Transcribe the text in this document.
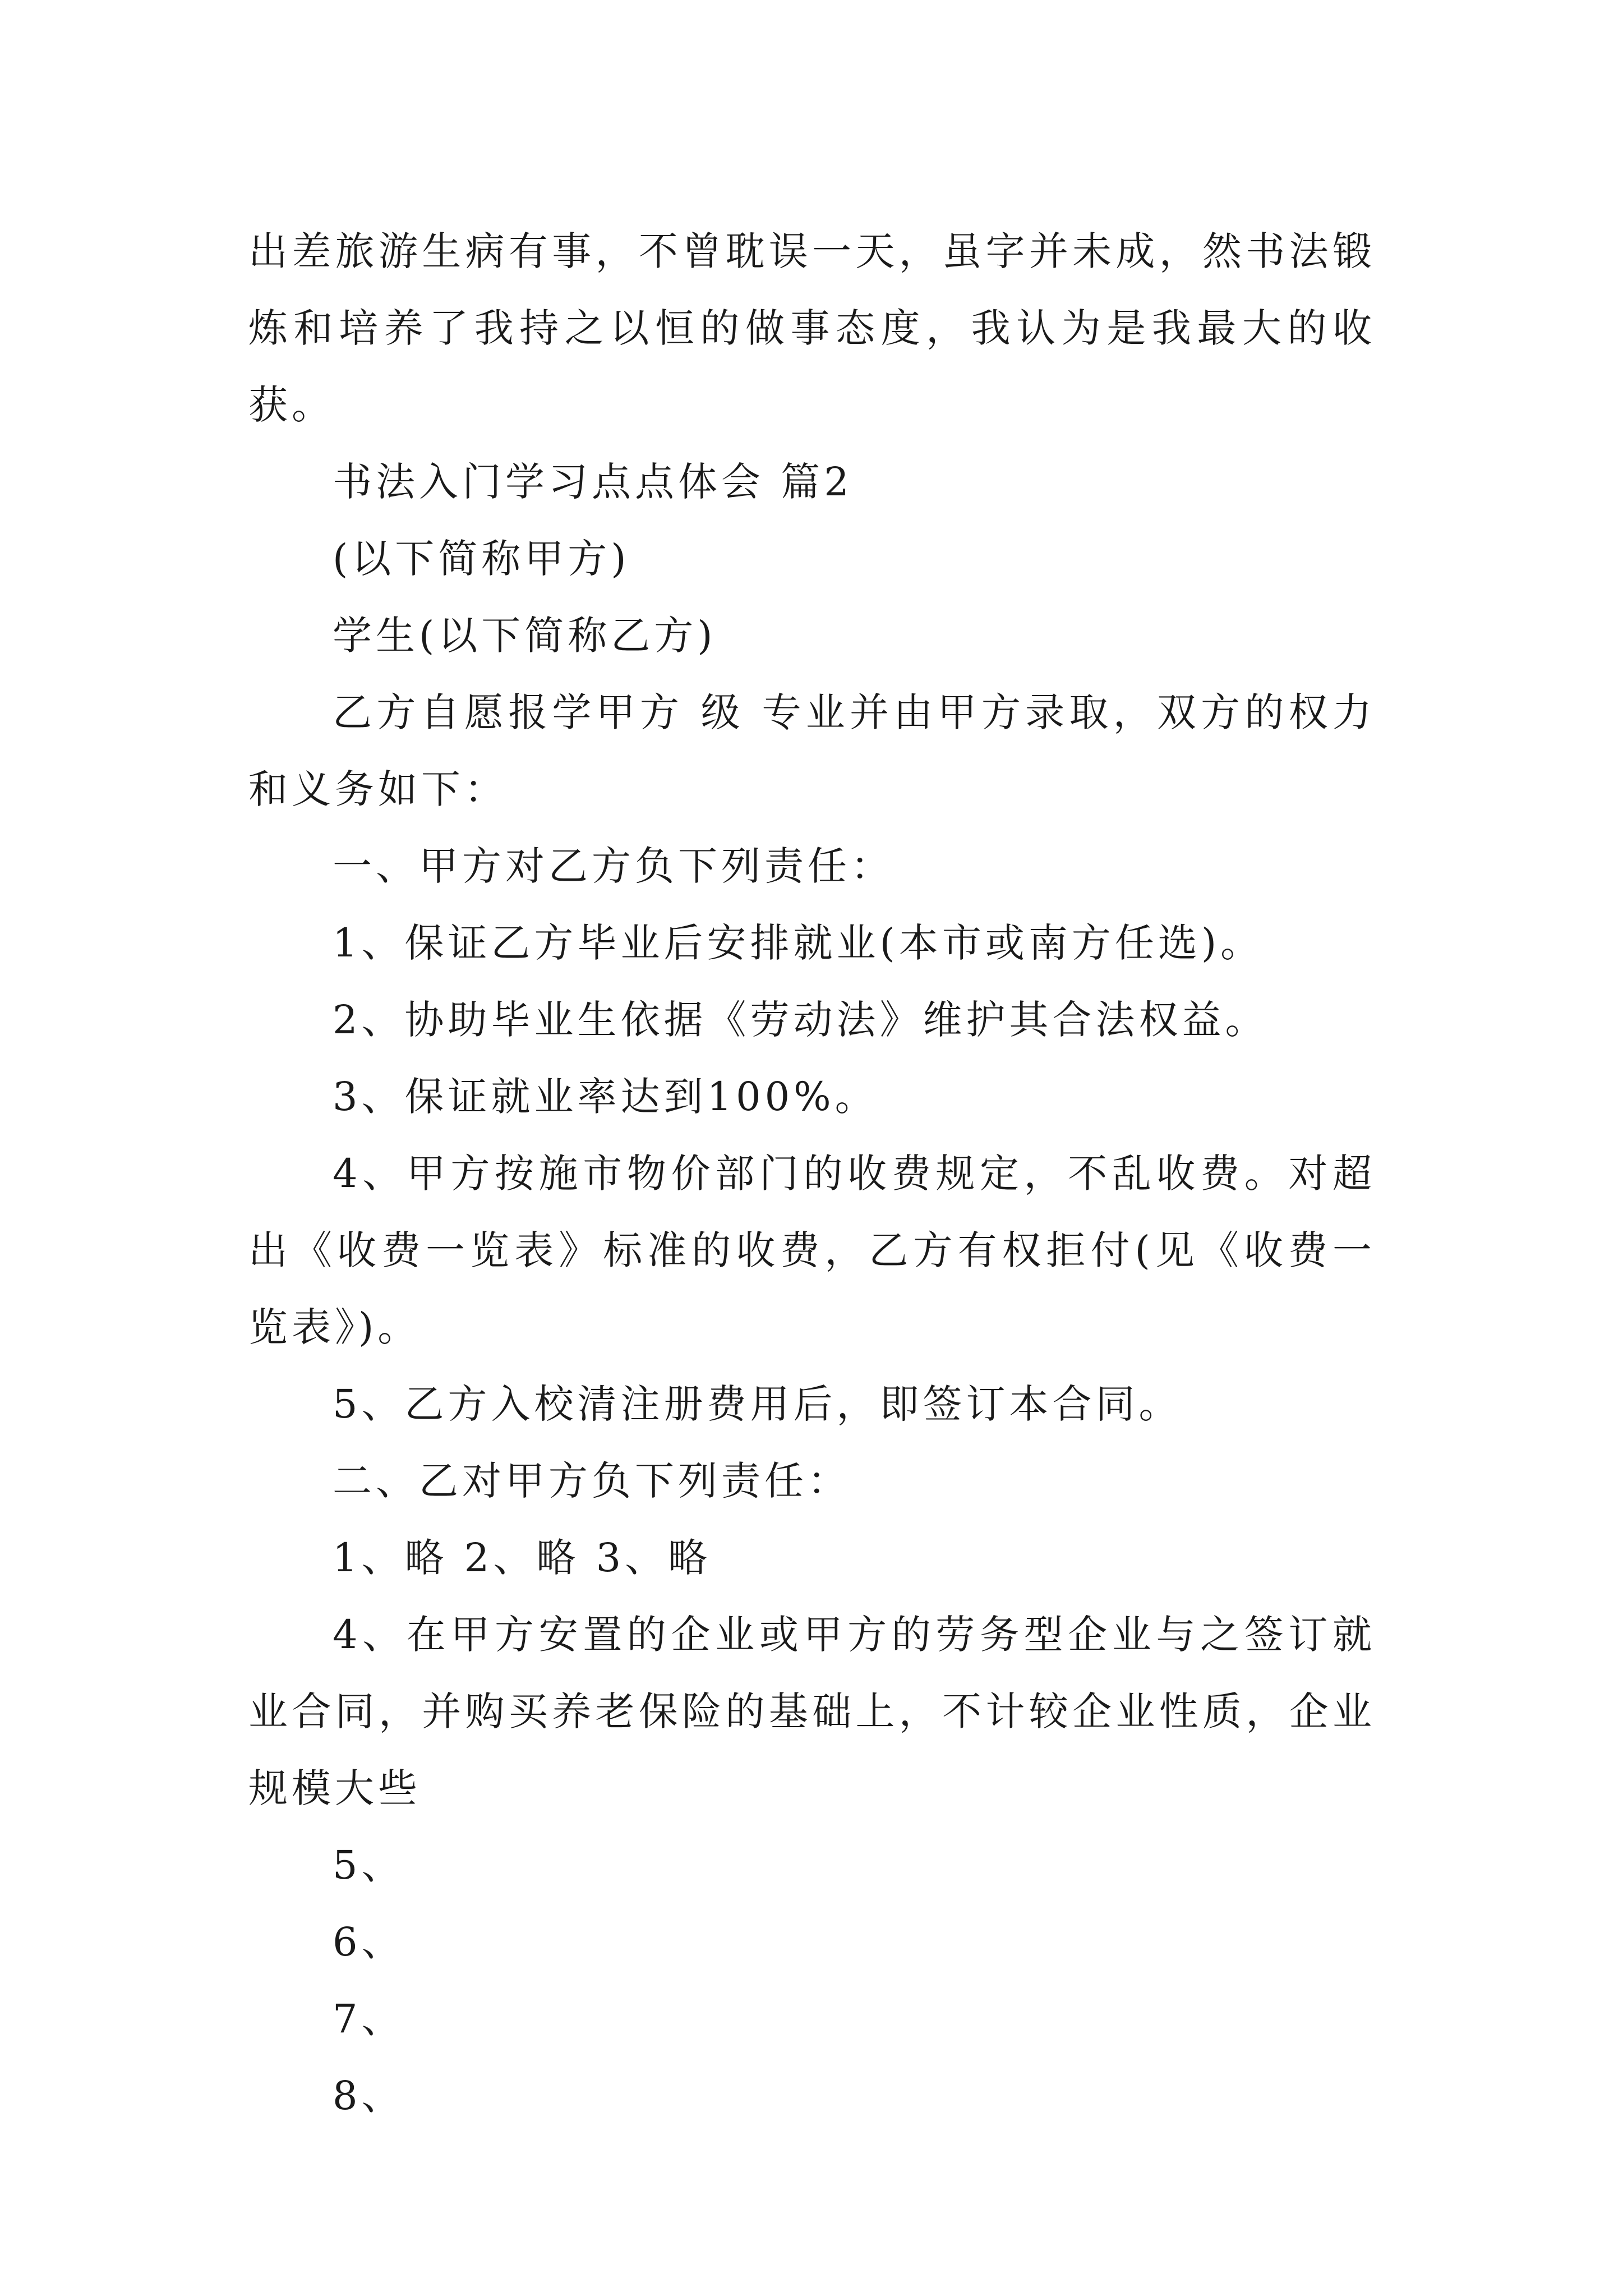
出差旅游生病有事，不曾耽误一天，虽字并未成，然书法锻炼和培养了我持之以恒的做事态度，我认为是我最大的收获。

书法入门学习点点体会 篇2

(以下简称甲方)

学生(以下简称乙方)

乙方自愿报学甲方 级 专业并由甲方录取，双方的权力和义务如下：

一、甲方对乙方负下列责任：

1、保证乙方毕业后安排就业(本市或南方任选)。

2、协助毕业生依据《劳动法》维护其合法权益。

3、保证就业率达到100%。

4、甲方按施市物价部门的收费规定，不乱收费。对超出《收费一览表》标准的收费，乙方有权拒付(见《收费一览表》)。

5、乙方入校清注册费用后，即签订本合同。

二、乙对甲方负下列责任：

1、略 2、略 3、略

4、在甲方安置的企业或甲方的劳务型企业与之签订就业合同，并购买养老保险的基础上，不计较企业性质，企业规模大些

5、

6、

7、

8、
